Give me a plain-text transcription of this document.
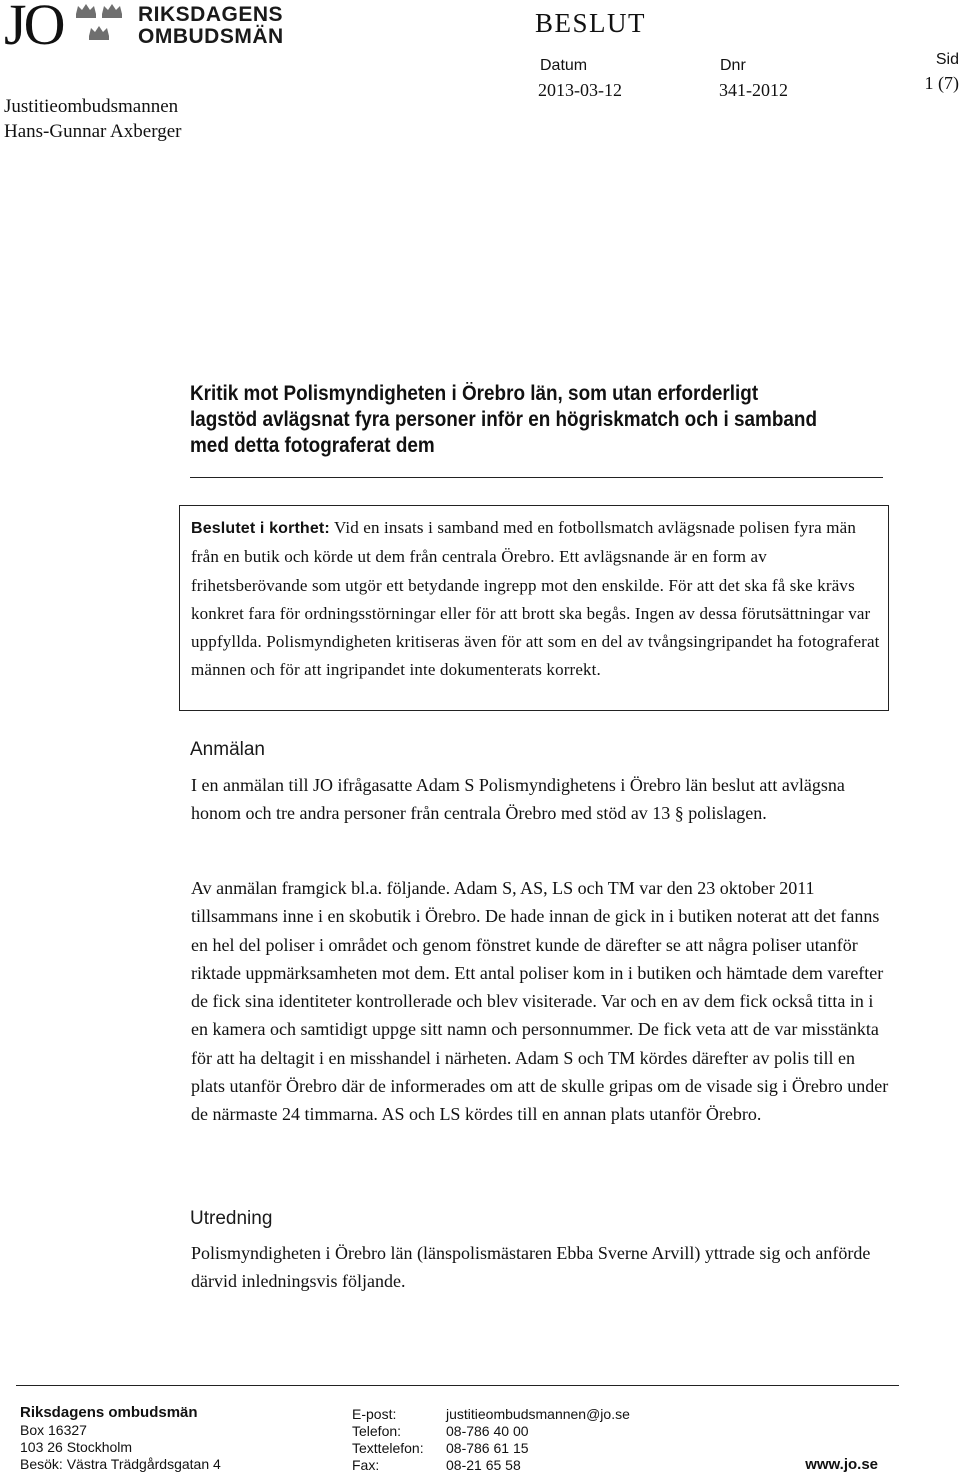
JO	RIKSDAGENS
OMBUDSMÄN
Justitieombudsmannen
Hans-Gunnar Axberger
BESLUT
Datum
2013-03-12
Dnr
341-2012
Sid
1 (7)
Kritik mot Polismyndigheten i Örebro län, som utan erforderligt lagstöd avlägsnat fyra personer inför en högriskmatch och i samband med detta fotograferat dem
Beslutet i korthet: Vid en insats i samband med en fotbollsmatch avlägsnade polisen fyra män från en butik och körde ut dem från centrala Örebro. Ett avlägsnande är en form av frihetsberövande som utgör ett betydande ingrepp mot den enskilde. För att det ska få ske krävs konkret fara för ordningsstörningar eller för att brott ska begås. Ingen av dessa förutsättningar var uppfyllda. Polismyndigheten kritiseras även för att som en del av tvångsingripandet ha fotograferat männen och för att ingripandet inte dokumenterats korrekt.
Anmälan
I en anmälan till JO ifrågasatte Adam S Polismyndighetens i Örebro län beslut att avlägsna honom och tre andra personer från centrala Örebro med stöd av 13 § polislagen.
Av anmälan framgick bl.a. följande. Adam S, AS, LS och TM var den 23 oktober 2011 tillsammans inne i en skobutik i Örebro. De hade innan de gick in i butiken noterat att det fanns en hel del poliser i området och genom fönstret kunde de därefter se att några poliser utanför riktade uppmärksamheten mot dem. Ett antal poliser kom in i butiken och hämtade dem varefter de fick sina identiteter kontrollerade och blev visiterade. Var och en av dem fick också titta in i en kamera och samtidigt uppge sitt namn och personnummer. De fick veta att de var misstänkta för att ha deltagit i en misshandel i närheten. Adam S och TM kördes därefter av polis till en plats utanför Örebro där de informerades om att de skulle gripas om de visade sig i Örebro under de närmaste 24 timmarna. AS och LS kördes till en annan plats utanför Örebro.
Utredning
Polismyndigheten i Örebro län (länspolismästaren Ebba Sverne Arvill) yttrade sig och anförde därvid inledningsvis följande.
Riksdagens ombudsmän
Box 16327
103 26 Stockholm
Besök: Västra Trädgårdsgatan 4
E-post:	justitieombudsmannen@jo.se
Telefon:	08-786 40 00
Texttelefon: 08-786 61 15
Fax:	08-21 65 58	www.jo.se
